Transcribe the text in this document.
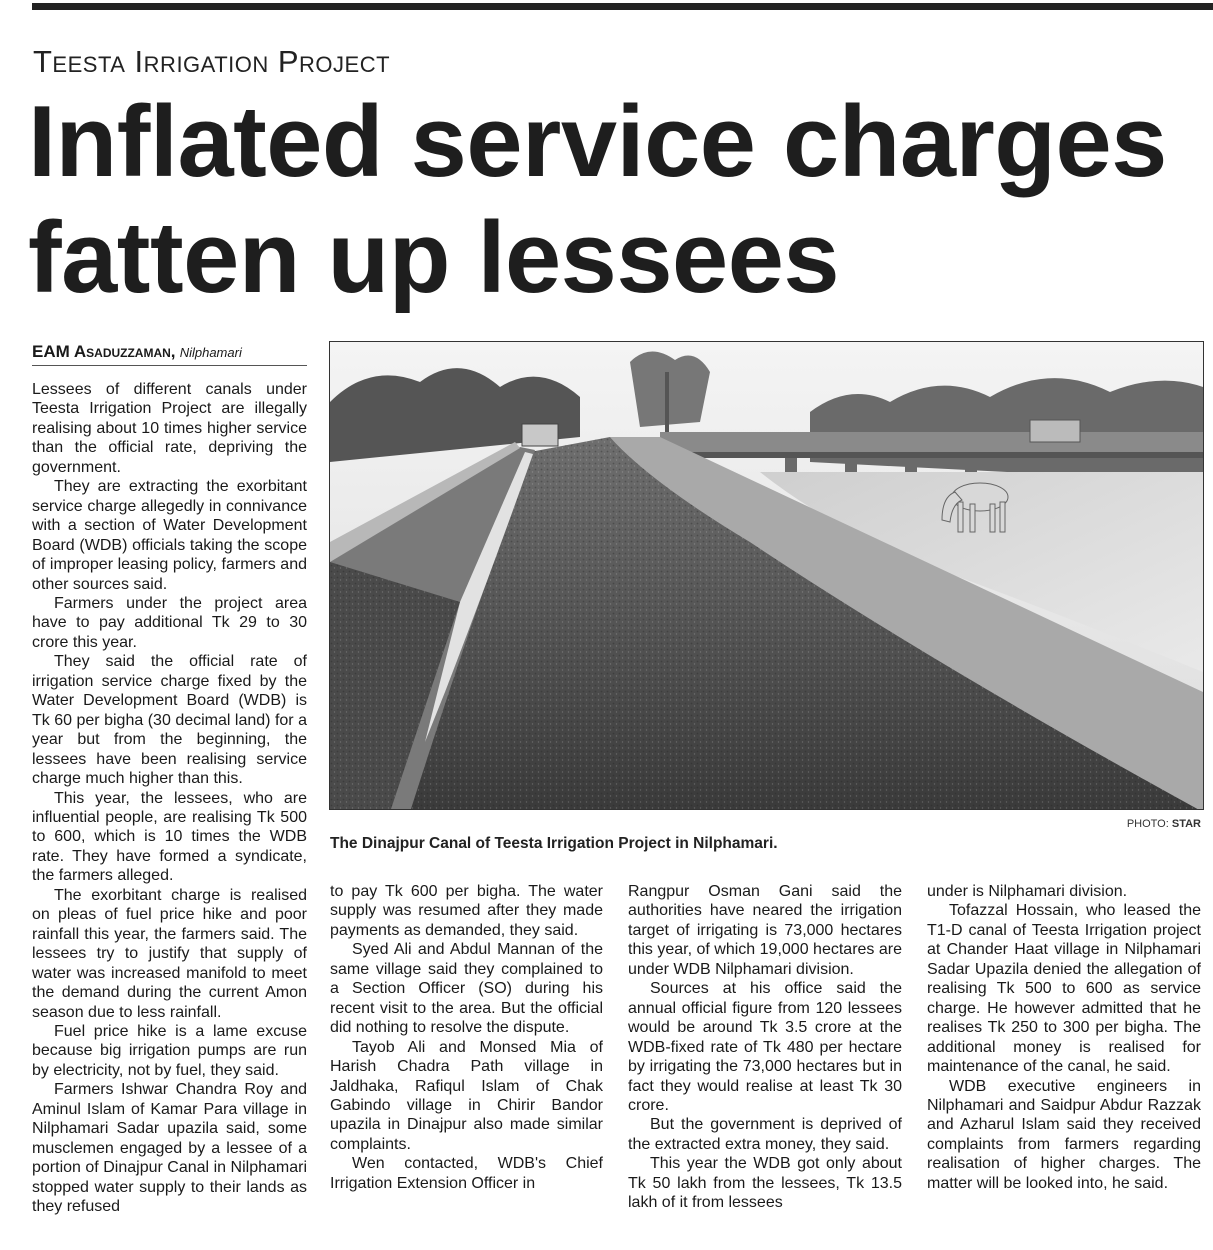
Teesta Irrigation Project
Inflated service charges
fatten up lessees
EAM Asaduzzaman, Nilphamari

Lessees of different canals under Teesta Irrigation Project are illegally realising about 10 times higher service than the official rate, depriving the government.

They are extracting the exorbitant service charge allegedly in connivance with a section of Water Development Board (WDB) officials taking the scope of improper leasing policy, farmers and other sources said.

Farmers under the project area have to pay additional Tk 29 to 30 crore this year.

They said the official rate of irrigation service charge fixed by the Water Development Board (WDB) is Tk 60 per bigha (30 decimal land) for a year but from the beginning, the lessees have been realising service charge much higher than this.

This year, the lessees, who are influential people, are realising Tk 500 to 600, which is 10 times the WDB rate. They have formed a syndicate, the farmers alleged.

The exorbitant charge is realised on pleas of fuel price hike and poor rainfall this year, the farmers said. The lessees try to justify that supply of water was increased manifold to meet the demand during the current Amon season due to less rainfall.

Fuel price hike is a lame excuse because big irrigation pumps are run by electricity, not by fuel, they said.

Farmers Ishwar Chandra Roy and Aminul Islam of Kamar Para village in Nilphamari Sadar upazila said, some musclemen engaged by a lessee of a portion of Dinajpur Canal in Nilphamari stopped water supply to their lands as they refused

PHOTO: STAR
The Dinajpur Canal of Teesta Irrigation Project in Nilphamari.

to pay Tk 600 per bigha. The water supply was resumed after they made payments as demanded, they said.

Syed Ali and Abdul Mannan of the same village said they complained to a Section Officer (SO) during his recent visit to the area. But the official did nothing to resolve the dispute.

Tayob Ali and Monsed Mia of Harish Chadra Path village in Jaldhaka, Rafiqul Islam of Chak Gabindo village in Chirir Bandor upazila in Dinajpur also made similar complaints.

Wen contacted, WDB's Chief Irrigation Extension Officer in

Rangpur Osman Gani said the authorities have neared the irrigation target of irrigating is 73,000 hectares this year, of which 19,000 hectares are under WDB Nilphamari division.

Sources at his office said the annual official figure from 120 lessees would be around Tk 3.5 crore at the WDB-fixed rate of Tk 480 per hectare by irrigating the 73,000 hectares but in fact they would realise at least Tk 30 crore.

But the government is deprived of the extracted extra money, they said.

This year the WDB got only about Tk 50 lakh from the lessees, Tk 13.5 lakh of it from lessees

under is Nilphamari division.

Tofazzal Hossain, who leased the T1-D canal of Teesta Irrigation project at Chander Haat village in Nilphamari Sadar Upazila denied the allegation of realising Tk 500 to 600 as service charge. He however admitted that he realises Tk 250 to 300 per bigha. The additional money is realised for maintenance of the canal, he said.

WDB executive engineers in Nilphamari and Saidpur Abdur Razzak and Azharul Islam said they received complaints from farmers regarding realisation of higher charges. The matter will be looked into, he said.
